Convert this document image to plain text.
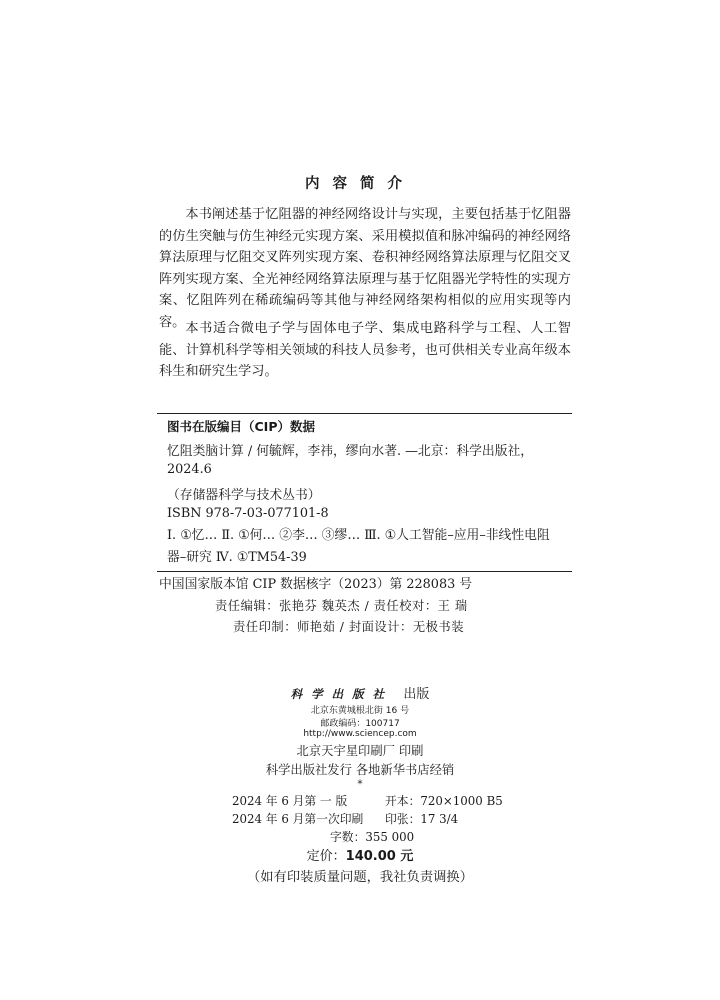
内容简介

本书阐述基于忆阻器的神经网络设计与实现，主要包括基于忆阻器的仿生突触与仿生神经元实现方案、采用模拟值和脉冲编码的神经网络算法原理与忆阻交叉阵列实现方案、卷积神经网络算法原理与忆阻交叉阵列实现方案、全光神经网络算法原理与基于忆阻器光学特性的实现方案、忆阻阵列在稀疏编码等其他与神经网络架构相似的应用实现等内容。 本书适合微电子学与固体电子学、集成电路科学与工程、人工智能、计算机科学等相关领域的科技人员参考，也可供相关专业高年级本科生和研究生学习。

图书在版编目（CIP）数据
忆阻类脑计算 / 何毓辉，李祎，缪向水著. —北京：科学出版社，
2024.6
（存储器科学与技术丛书）
ISBN 978-7-03-077101-8
Ⅰ. ①忆… Ⅱ. ①何… ②李… ③缪… Ⅲ. ①人工智能–应用–非线性电阻器–研究 Ⅳ. ①TM54-39
中国国家版本馆 CIP 数据核字（2023）第 228083 号
责任编辑：张艳芬 魏英杰 / 责任校对：王 瑞
责任印制：师艳茹 / 封面设计：无极书装
科学出版社 出版
北京东黄城根北街 16 号
邮政编码：100717
http://www.sciencep.com
北京天宇星印刷厂 印刷
科学出版社发行 各地新华书店经销
*
2024 年 6 月第 一 版	开本：720×1000 B5
2024 年 6 月第一次印刷 印张：17 3/4
字数：355 000
定价：140.00 元
（如有印装质量问题，我社负责调换）
